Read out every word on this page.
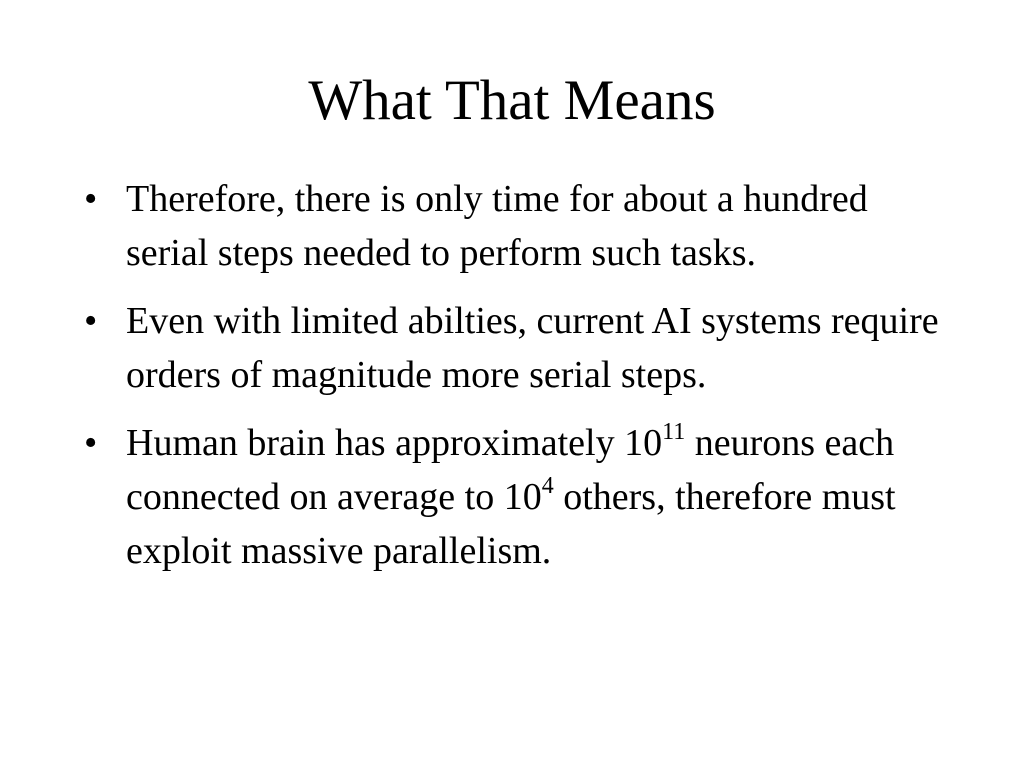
What That Means
• Therefore, there is only time for about a hundred serial steps needed to perform such tasks.
• Even with limited abilties, current AI systems require orders of magnitude more serial steps.
• Human brain has approximately $10^{11}$ neurons each connected on average to $10^4$ others, therefore must exploit massive parallelism.
